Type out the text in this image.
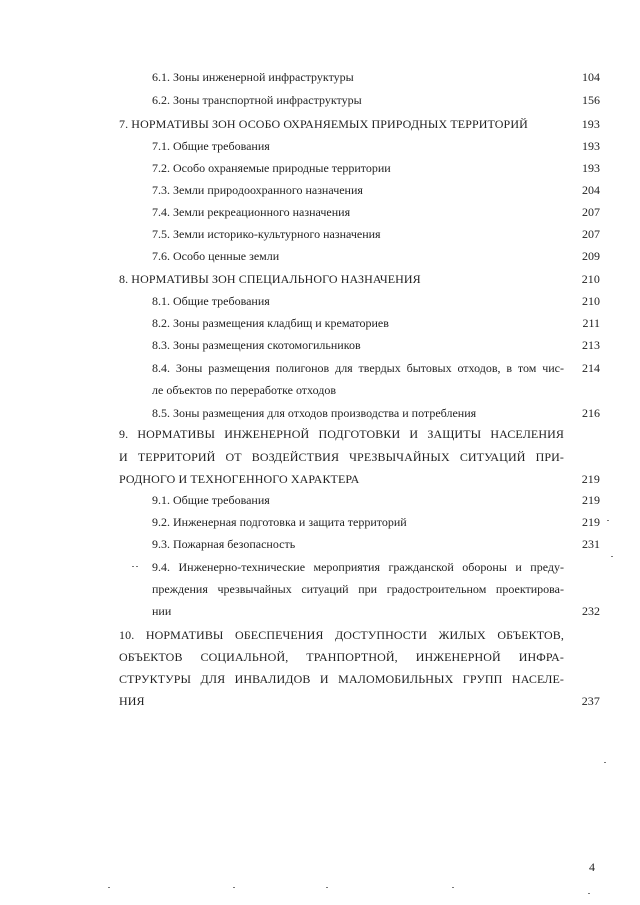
6.1. Зоны инженерной инфраструктуры	104
6.2. Зоны транспортной инфраструктуры	156
7. НОРМАТИВЫ ЗОН ОСОБО ОХРАНЯЕМЫХ ПРИРОДНЫХ ТЕРРИТОРИЙ	193
7.1. Общие требования	193
7.2. Особо охраняемые природные территории	193
7.3. Земли природоохранного назначения	204
7.4. Земли рекреационного назначения	207
7.5. Земли историко-культурного назначения	207
7.6. Особо ценные земли	209
8. НОРМАТИВЫ ЗОН СПЕЦИАЛЬНОГО НАЗНАЧЕНИЯ	210
8.1. Общие требования	210
8.2. Зоны размещения кладбищ и крематориев	211
8.3. Зоны размещения скотомогильников	213
8.4. Зоны размещения полигонов для твердых бытовых отходов, в том чис-	214
ле объектов по переработке отходов
8.5. Зоны размещения для отходов производства и потребления	216
9. НОРМАТИВЫ ИНЖЕНЕРНОЙ ПОДГОТОВКИ И ЗАЩИТЫ НАСЕЛЕНИЯ
И ТЕРРИТОРИЙ ОТ ВОЗДЕЙСТВИЯ ЧРЕЗВЫЧАЙНЫХ СИТУАЦИЙ ПРИ-
РОДНОГО И ТЕХНОГЕННОГО ХАРАКТЕРА	219
9.1. Общие требования	219
9.2. Инженерная подготовка и защита территорий	219
9.3. Пожарная безопасность	231
9.4. Инженерно-технические мероприятия гражданской обороны и преду-
преждения чрезвычайных ситуаций при градостроительном проектирова-
нии	232
10. НОРМАТИВЫ ОБЕСПЕЧЕНИЯ ДОСТУПНОСТИ ЖИЛЫХ ОБЪЕКТОВ,
ОБЪЕКТОВ СОЦИАЛЬНОЙ, ТРАНПОРТНОЙ, ИНЖЕНЕРНОЙ ИНФРА-
СТРУКТУРЫ ДЛЯ ИНВАЛИДОВ И МАЛОМОБИЛЬНЫХ ГРУПП НАСЕЛЕ-
НИЯ	237
4
